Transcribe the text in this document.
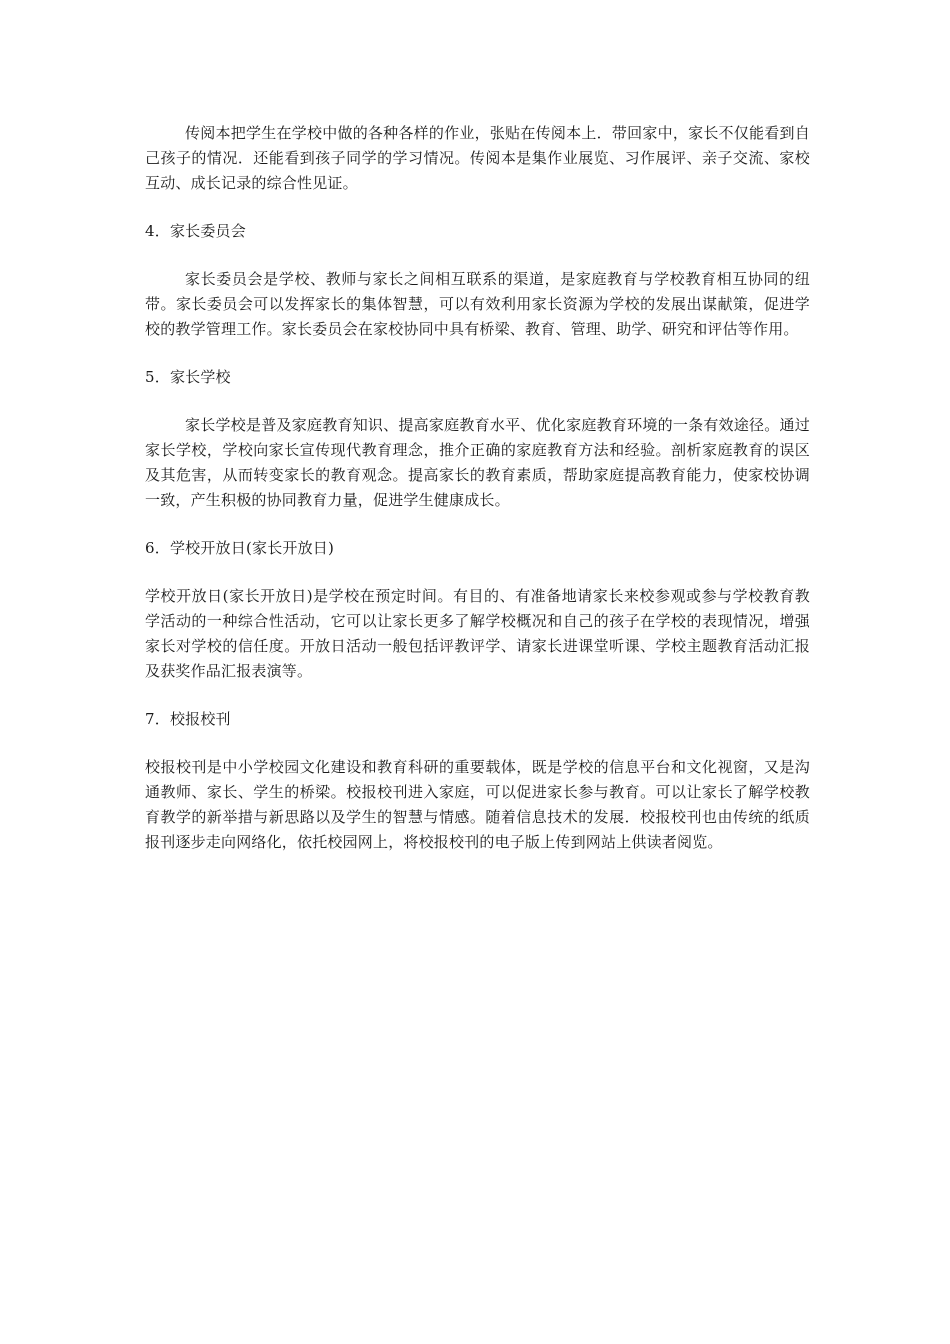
传阅本把学生在学校中做的各种各样的作业，张贴在传阅本上．带回家中，家长不仅能看到自己孩子的情况．还能看到孩子同学的学习情况。传阅本是集作业展览、习作展评、亲子交流、家校互动、成长记录的综合性见证。

4．家长委员会

家长委员会是学校、教师与家长之间相互联系的渠道，是家庭教育与学校教育相互协同的纽带。家长委员会可以发挥家长的集体智慧，可以有效利用家长资源为学校的发展出谋献策，促进学校的教学管理工作。家长委员会在家校协同中具有桥梁、教育、管理、助学、研究和评估等作用。

5．家长学校

家长学校是普及家庭教育知识、提高家庭教育水平、优化家庭教育环境的一条有效途径。通过家长学校，学校向家长宣传现代教育理念，推介正确的家庭教育方法和经验。剖析家庭教育的误区及其危害，从而转变家长的教育观念。提高家长的教育素质，帮助家庭提高教育能力，使家校协调一致，产生积极的协同教育力量，促进学生健康成长。

6．学校开放日(家长开放日)

学校开放日(家长开放日)是学校在预定时间。有目的、有准备地请家长来校参观或参与学校教育教学活动的一种综合性活动，它可以让家长更多了解学校概况和自己的孩子在学校的表现情况，增强家长对学校的信任度。开放日活动一般包括评教评学、请家长进课堂听课、学校主题教育活动汇报及获奖作品汇报表演等。

7．校报校刊

校报校刊是中小学校园文化建设和教育科研的重要载体，既是学校的信息平台和文化视窗，又是沟通教师、家长、学生的桥梁。校报校刊进入家庭，可以促进家长参与教育。可以让家长了解学校教育教学的新举措与新思路以及学生的智慧与情感。随着信息技术的发展．校报校刊也由传统的纸质报刊逐步走向网络化，依托校园网上，将校报校刊的电子版上传到网站上供读者阅览。
